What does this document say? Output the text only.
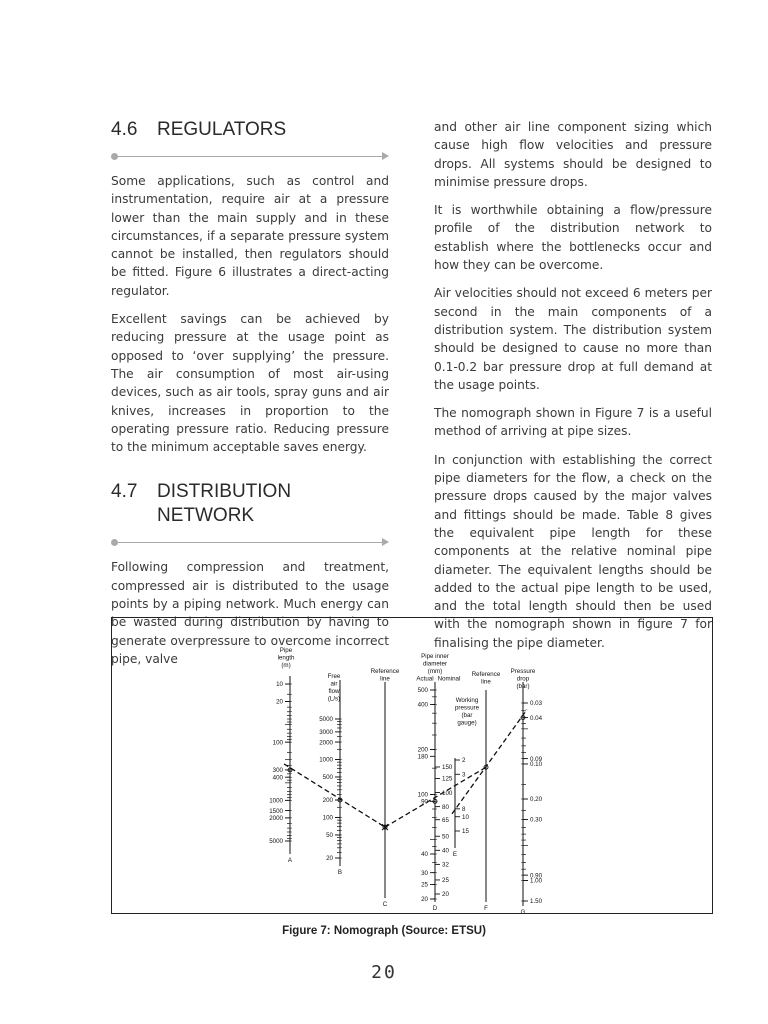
4.6	REGULATORS

Some applications, such as control and instrumentation, require air at a pressure lower than the main supply and in these circumstances, if a separate pressure system cannot be installed, then regulators should be fitted. Figure 6 illustrates a direct-acting regulator.

Excellent savings can be achieved by reducing pressure at the usage point as opposed to ‘over supplying’ the pressure. The air consumption of most air-using devices, such as air tools, spray guns and air knives, increases in proportion to the operating pressure ratio. Reducing pressure to the minimum acceptable saves energy.

4.7	DISTRIBUTION
NETWORK

Following compression and treatment, compressed air is distributed to the usage points by a piping network. Much energy can be wasted during distribution by having to generate overpressure to overcome incorrect pipe, valve

and other air line component sizing which cause high flow velocities and pressure drops. All systems should be designed to minimise pressure drops.

It is worthwhile obtaining a flow/pressure profile of the distribution network to establish where the bottlenecks occur and how they can be overcome.

Air velocities should not exceed 6 meters per second in the main components of a distribution system. The distribution system should be designed to cause no more than 0.1-0.2 bar pressure drop at full demand at the usage points.

The nomograph shown in Figure 7 is a useful method of arriving at pipe sizes.

In conjunction with establishing the correct pipe diameters for the flow, a check on the pressure drops caused by the major valves and fittings should be made. Table 8 gives the equivalent pipe length for these components at the relative nominal pipe diameter. The equivalent lengths should be added to the actual pipe length to be used, and the total length should then be used with the nomograph shown in figure 7 for finalising the pipe diameter.

Pipe
length
(m)
A
10
20
100
300
400
1000
1500
2000
5000
Free
air
flow
(L/s)
B
5000
3000
2000
1000
500
200
100
50
20
Reference
line
C
Pipe inner
diameter
(mm)
Actual Nominal
D
500
400
200
180
100
90
40
30
25
20
150
125
100
80
65
50
40
32
25
20
Working
pressure
(bar
gauge)
E
2
3
8
10
15
Reference
line
F
Pressure
drop
(bar)
G
0.03
0.04
0.09
0.10
0.20
0.30
0.90
1.00
1.50
Figure 7: Nomograph (Source: ETSU)
20
